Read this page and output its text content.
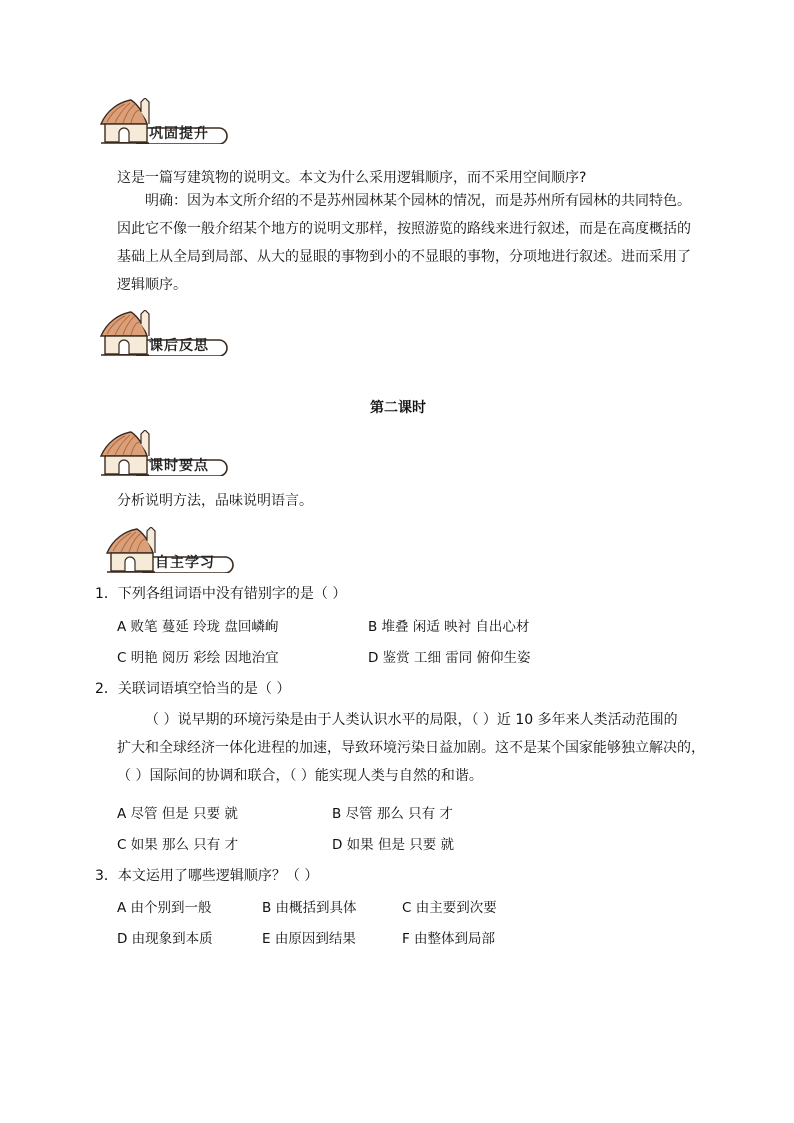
巩固提升
这是一篇写建筑物的说明文。本文为什么采用逻辑顺序，而不采用空间顺序?
明确：因为本文所介绍的不是苏州园林某个园林的情况，而是苏州所有园林的共同特色。
因此它不像一般介绍某个地方的说明文那样，按照游览的路线来进行叙述，而是在高度概括的
基础上从全局到局部、从大的显眼的事物到小的不显眼的事物，分项地进行叙述。进而采用了
逻辑顺序。
课后反思
第二课时
课时要点
分析说明方法，品味说明语言。
自主学习
1．下列各组词语中没有错别字的是（ ）
A 败笔 蔓延 玲珑 盘回嶙峋	B 堆叠 闲适 映衬 自出心材
C 明艳 阅历 彩绘 因地治宜	D 鉴赏 工细 雷同 俯仰生姿
2．关联词语填空恰当的是（ ）
（ ）说早期的环境污染是由于人类认识水平的局限，（ ）近 10 多年来人类活动范围的
扩大和全球经济一体化进程的加速，导致环境污染日益加剧。这不是某个国家能够独立解决的，
（ ）国际间的协调和联合，（ ）能实现人类与自然的和谐。
A 尽管 但是 只要 就	B 尽管 那么 只有 才
C 如果 那么 只有 才	D 如果 但是 只要 就
3．本文运用了哪些逻辑顺序？（ ）
A 由个别到一般	B 由概括到具体	C 由主要到次要
D 由现象到本质	E 由原因到结果	F 由整体到局部
